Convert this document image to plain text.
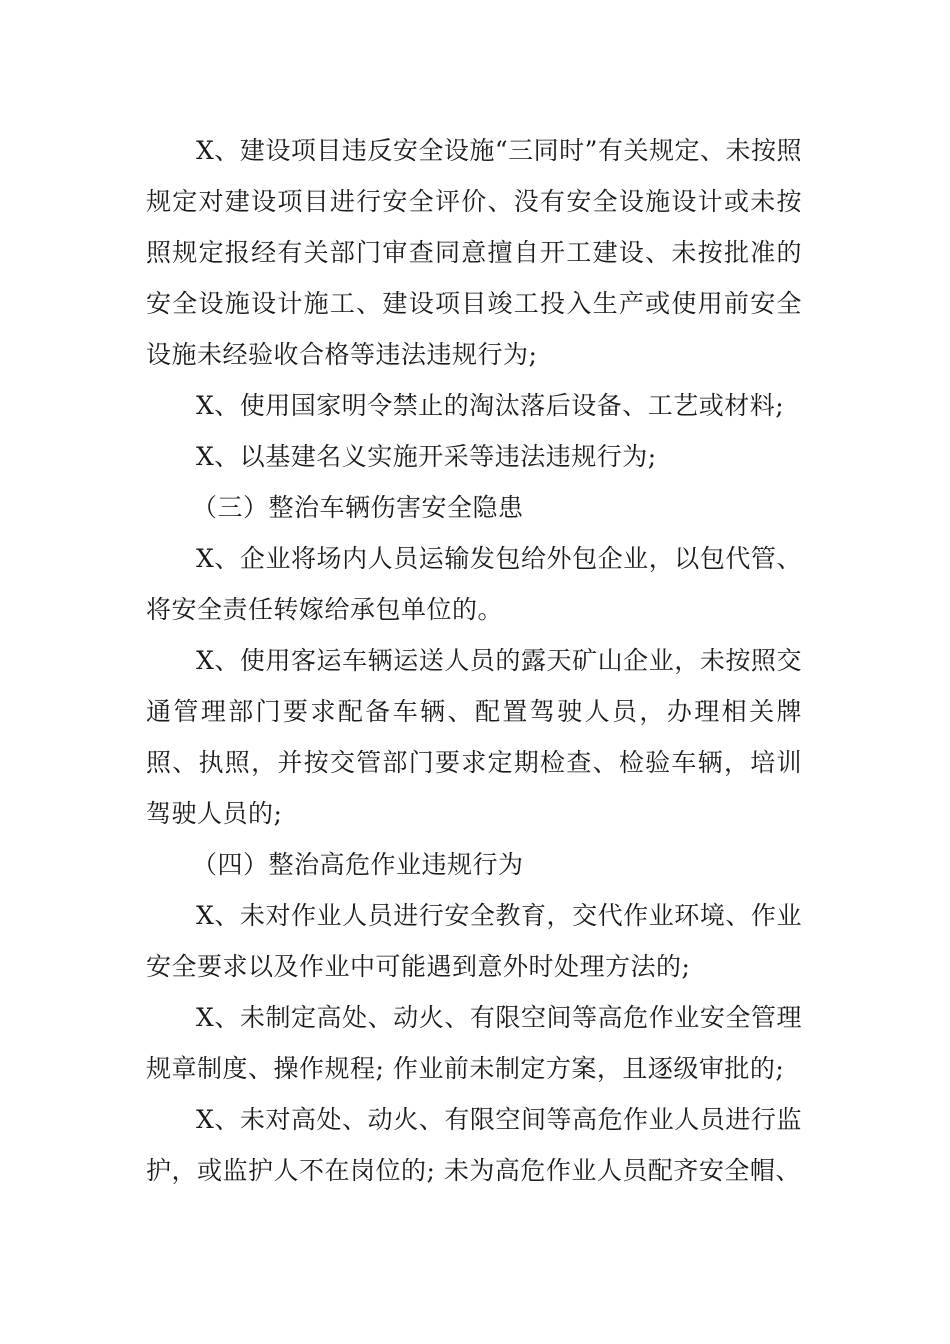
X、建设项目违反安全设施“三同时”有关规定、未按照规定对建设项目进行安全评价、没有安全设施设计或未按照规定报经有关部门审查同意擅自开工建设、未按批准的安全设施设计施工、建设项目竣工投入生产或使用前安全设施未经验收合格等违法违规行为;

X、使用国家明令禁止的淘汰落后设备、工艺或材料;

X、以基建名义实施开采等违法违规行为;

（三）整治车辆伤害安全隐患

X、企业将场内人员运输发包给外包企业，以包代管、将安全责任转嫁给承包单位的。

X、使用客运车辆运送人员的露天矿山企业，未按照交通管理部门要求配备车辆、配置驾驶人员，办理相关牌照、执照，并按交管部门要求定期检查、检验车辆，培训驾驶人员的;

（四）整治高危作业违规行为

X、未对作业人员进行安全教育，交代作业环境、作业安全要求以及作业中可能遇到意外时处理方法的;

X、未制定高处、动火、有限空间等高危作业安全管理规章制度、操作规程; 作业前未制定方案，且逐级审批的;

X、未对高处、动火、有限空间等高危作业人员进行监护，或监护人不在岗位的; 未为高危作业人员配齐安全帽、
